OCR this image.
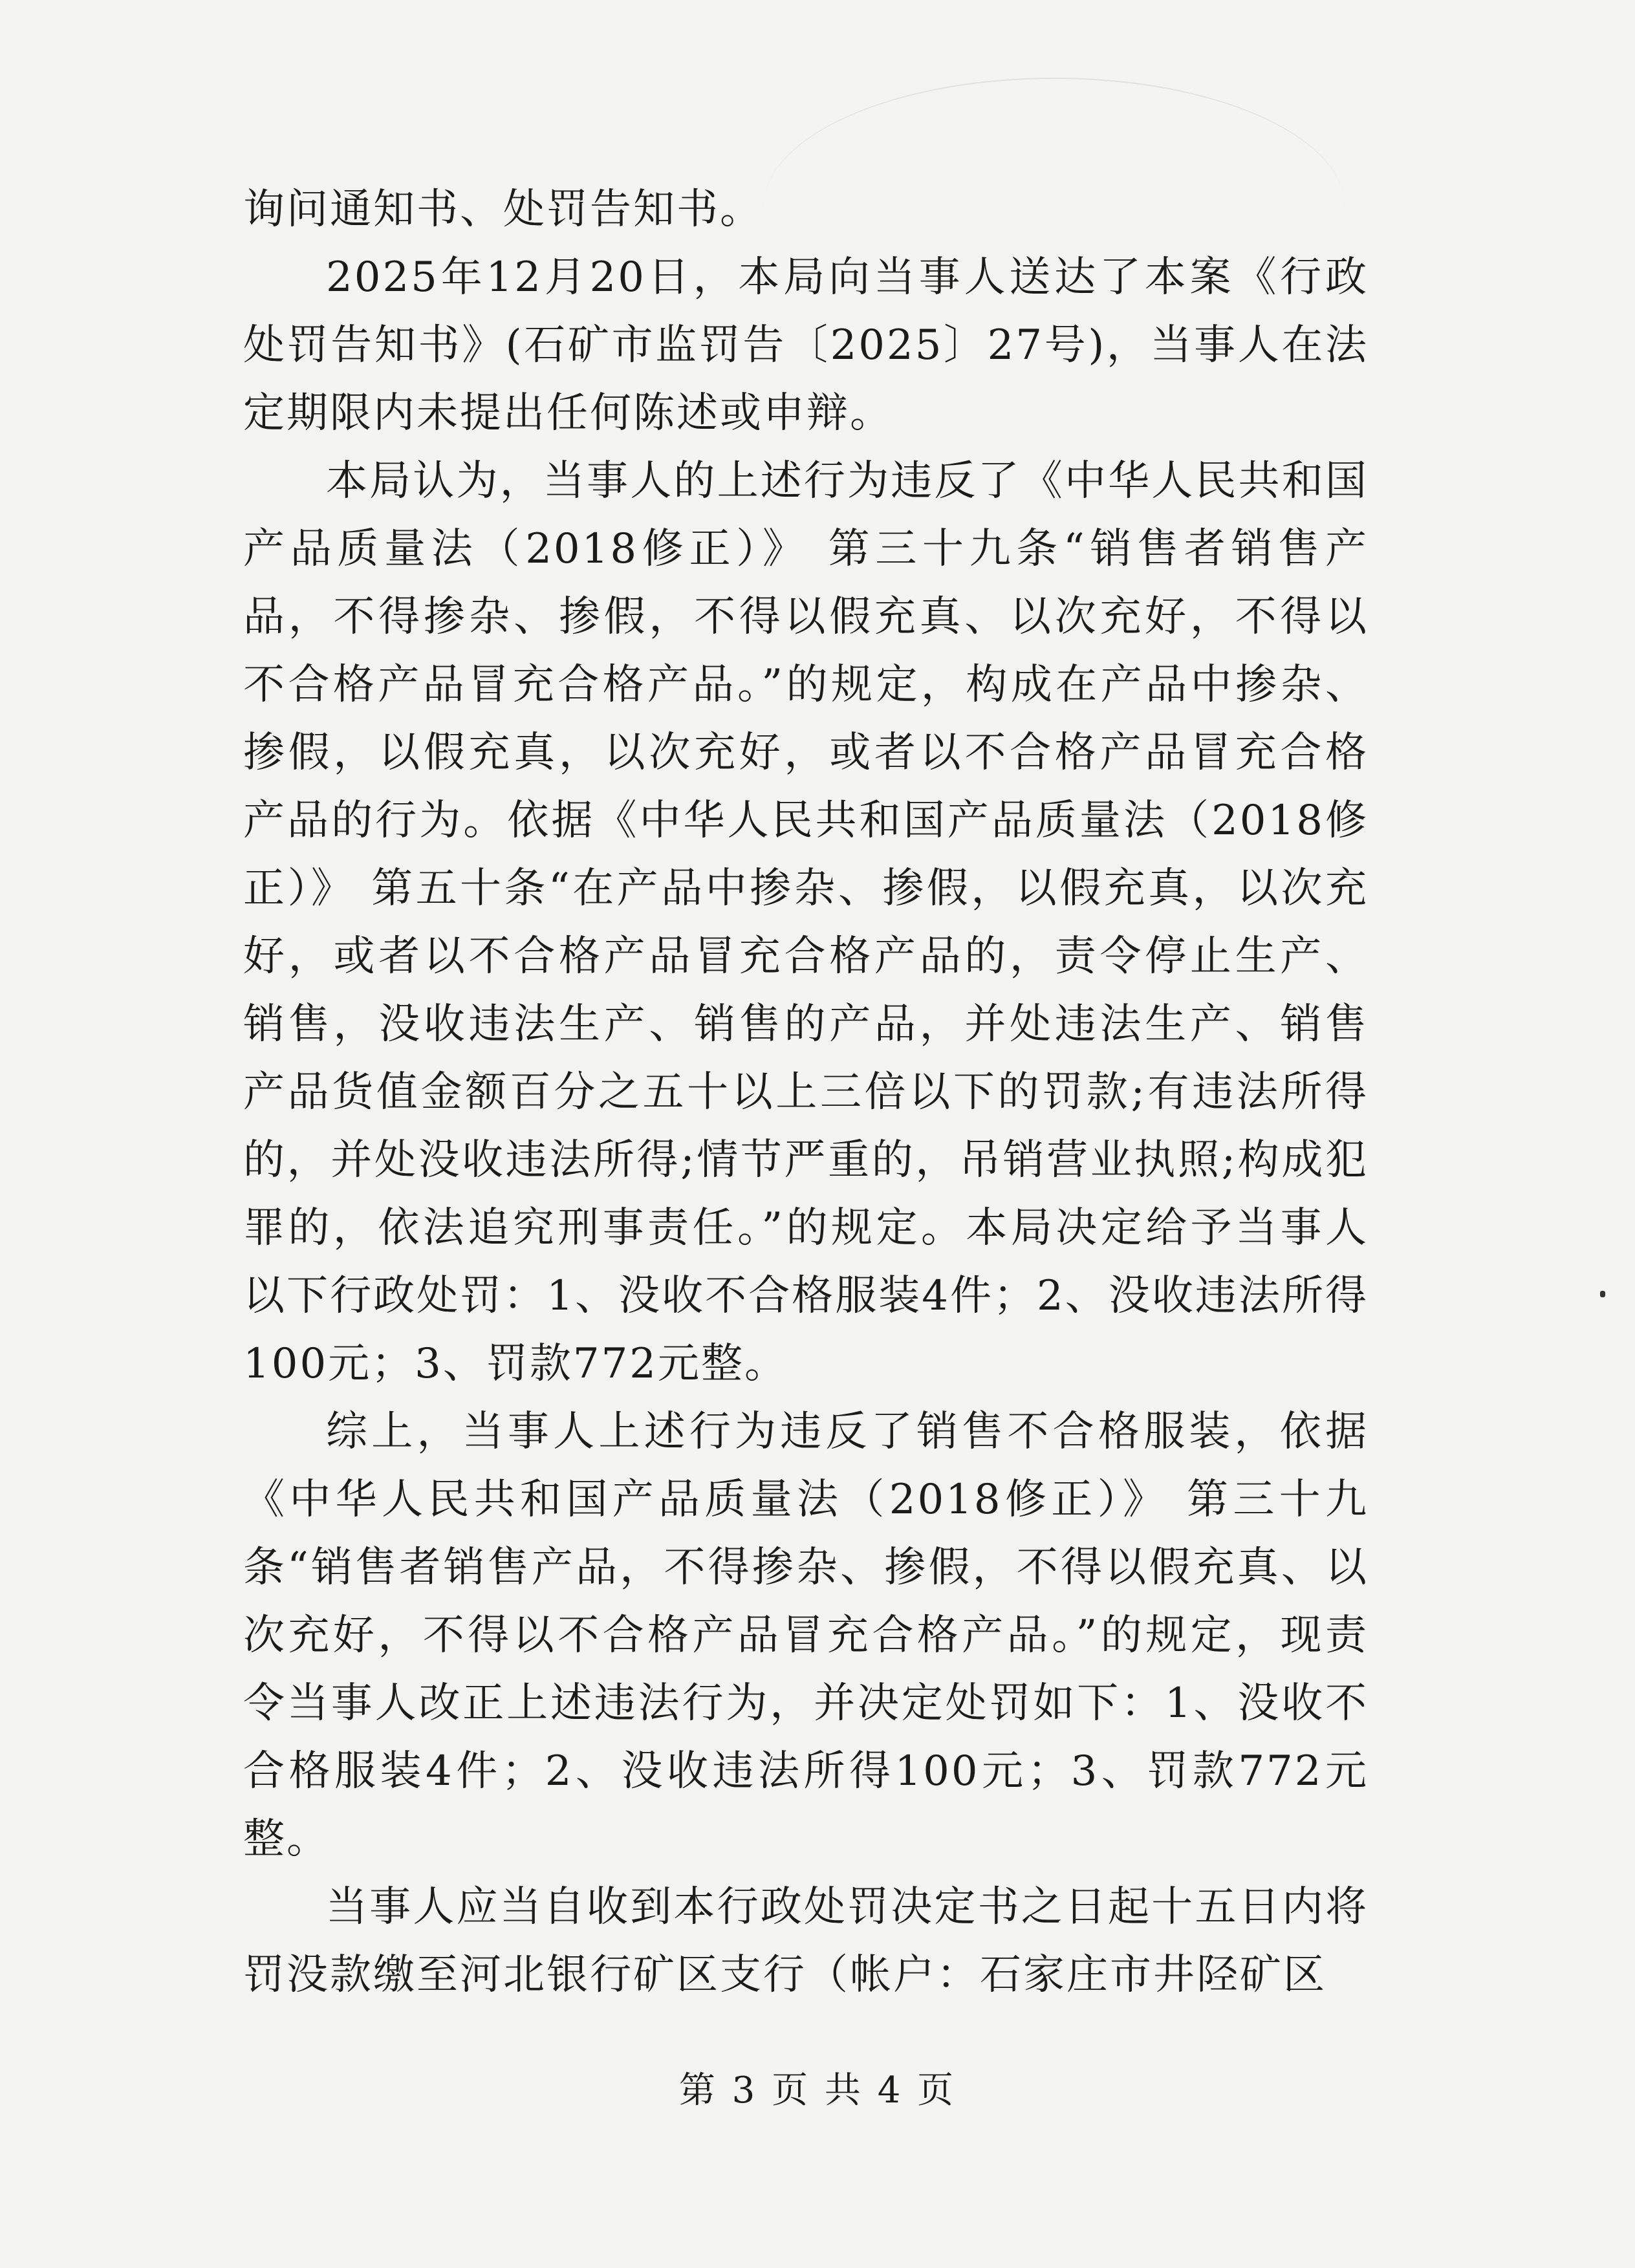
询问通知书、处罚告知书。

2025年12月20日，本局向当事人送达了本案《行政处罚告知书》(石矿市监罚告〔2025〕27号)，当事人在法定期限内未提出任何陈述或申辩。

本局认为，当事人的上述行为违反了《中华人民共和国产品质量法（2018修正）》 第三十九条“销售者销售产品，不得掺杂、掺假，不得以假充真、以次充好，不得以不合格产品冒充合格产品。”的规定，构成在产品中掺杂、掺假，以假充真，以次充好，或者以不合格产品冒充合格产品的行为。依据《中华人民共和国产品质量法（2018修正）》 第五十条“在产品中掺杂、掺假，以假充真，以次充好，或者以不合格产品冒充合格产品的，责令停止生产、销售，没收违法生产、销售的产品，并处违法生产、销售产品货值金额百分之五十以上三倍以下的罚款;有违法所得的，并处没收违法所得;情节严重的，吊销营业执照;构成犯罪的，依法追究刑事责任。”的规定。本局决定给予当事人以下行政处罚：1、没收不合格服装4件；2、没收违法所得100元；3、罚款772元整。

综上，当事人上述行为违反了销售不合格服装，依据《中华人民共和国产品质量法（2018修正）》 第三十九条“销售者销售产品，不得掺杂、掺假，不得以假充真、以次充好，不得以不合格产品冒充合格产品。”的规定，现责令当事人改正上述违法行为，并决定处罚如下：1、没收不合格服装4件；2、没收违法所得100元；3、罚款772元整。

当事人应当自收到本行政处罚决定书之日起十五日内将罚没款缴至河北银行矿区支行（帐户：石家庄市井陉矿区

第 3 页 共 4 页
